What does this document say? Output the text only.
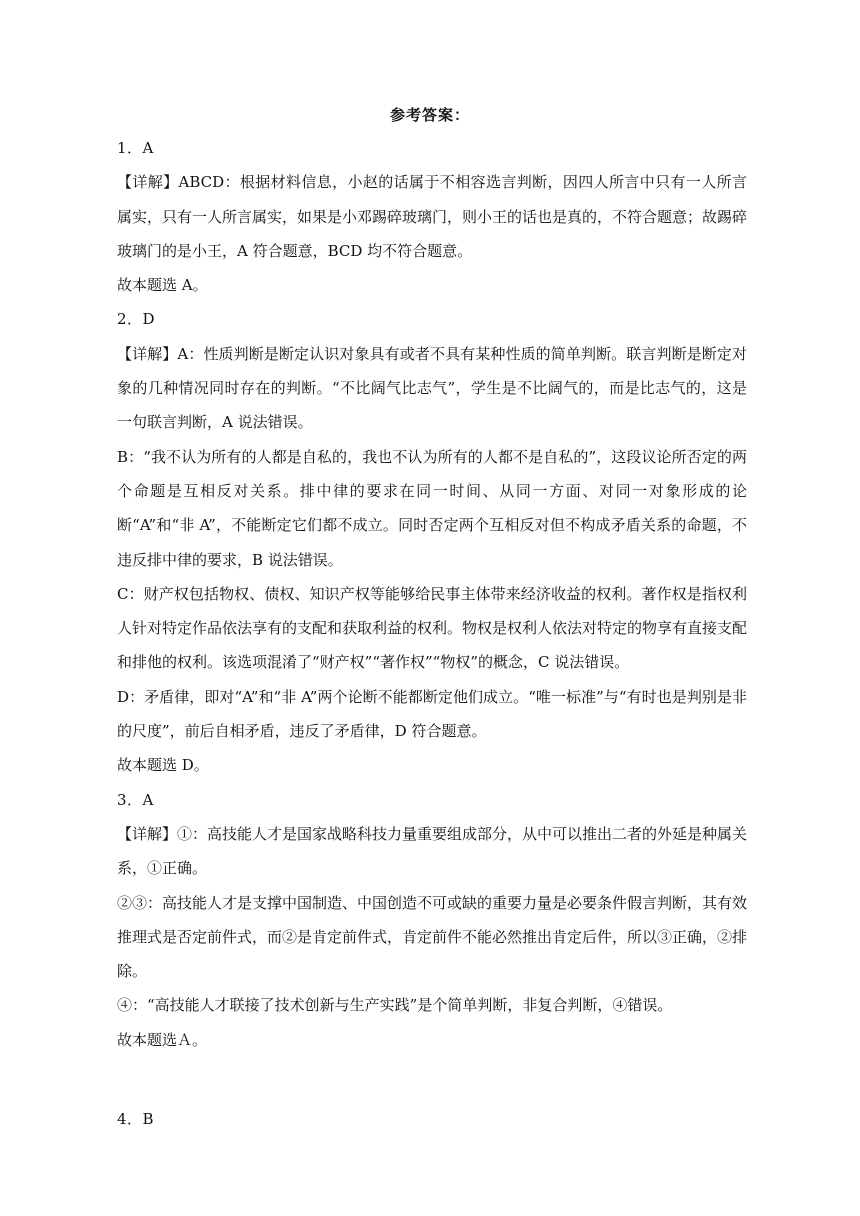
参考答案：

1．A

【详解】ABCD：根据材料信息，小赵的话属于不相容选言判断，因四人所言中只有一人所言属实，只有一人所言属实，如果是小邓踢碎玻璃门，则小王的话也是真的，不符合题意；故踢碎玻璃门的是小王，A 符合题意，BCD 均不符合题意。

故本题选 A。

2．D

【详解】A：性质判断是断定认识对象具有或者不具有某种性质的简单判断。联言判断是断定对象的几种情况同时存在的判断。“不比阔气比志气”，学生是不比阔气的，而是比志气的，这是一句联言判断，A 说法错误。

B：“我不认为所有的人都是自私的，我也不认为所有的人都不是自私的”，这段议论所否定的两个命题是互相反对关系。排中律的要求在同一时间、从同一方面、对同一对象形成的论断“A”和“非 A”，不能断定它们都不成立。同时否定两个互相反对但不构成矛盾关系的命题，不违反排中律的要求，B 说法错误。

C：财产权包括物权、债权、知识产权等能够给民事主体带来经济收益的权利。著作权是指权利人针对特定作品依法享有的支配和获取利益的权利。物权是权利人依法对特定的物享有直接支配和排他的权利。该选项混淆了“财产权”“著作权”“物权”的概念，C 说法错误。

D：矛盾律，即对“A”和“非 A”两个论断不能都断定他们成立。“唯一标准”与“有时也是判别是非的尺度”，前后自相矛盾，违反了矛盾律，D 符合题意。

故本题选 D。

3．A

【详解】①：高技能人才是国家战略科技力量重要组成部分，从中可以推出二者的外延是种属关系，①正确。

②③：高技能人才是支撑中国制造、中国创造不可或缺的重要力量是必要条件假言判断，其有效推理式是否定前件式，而②是肯定前件式，肯定前件不能必然推出肯定后件，所以③正确，②排除。

④：“高技能人才联接了技术创新与生产实践”是个简单判断，非复合判断，④错误。

故本题选Ａ。

4．B
